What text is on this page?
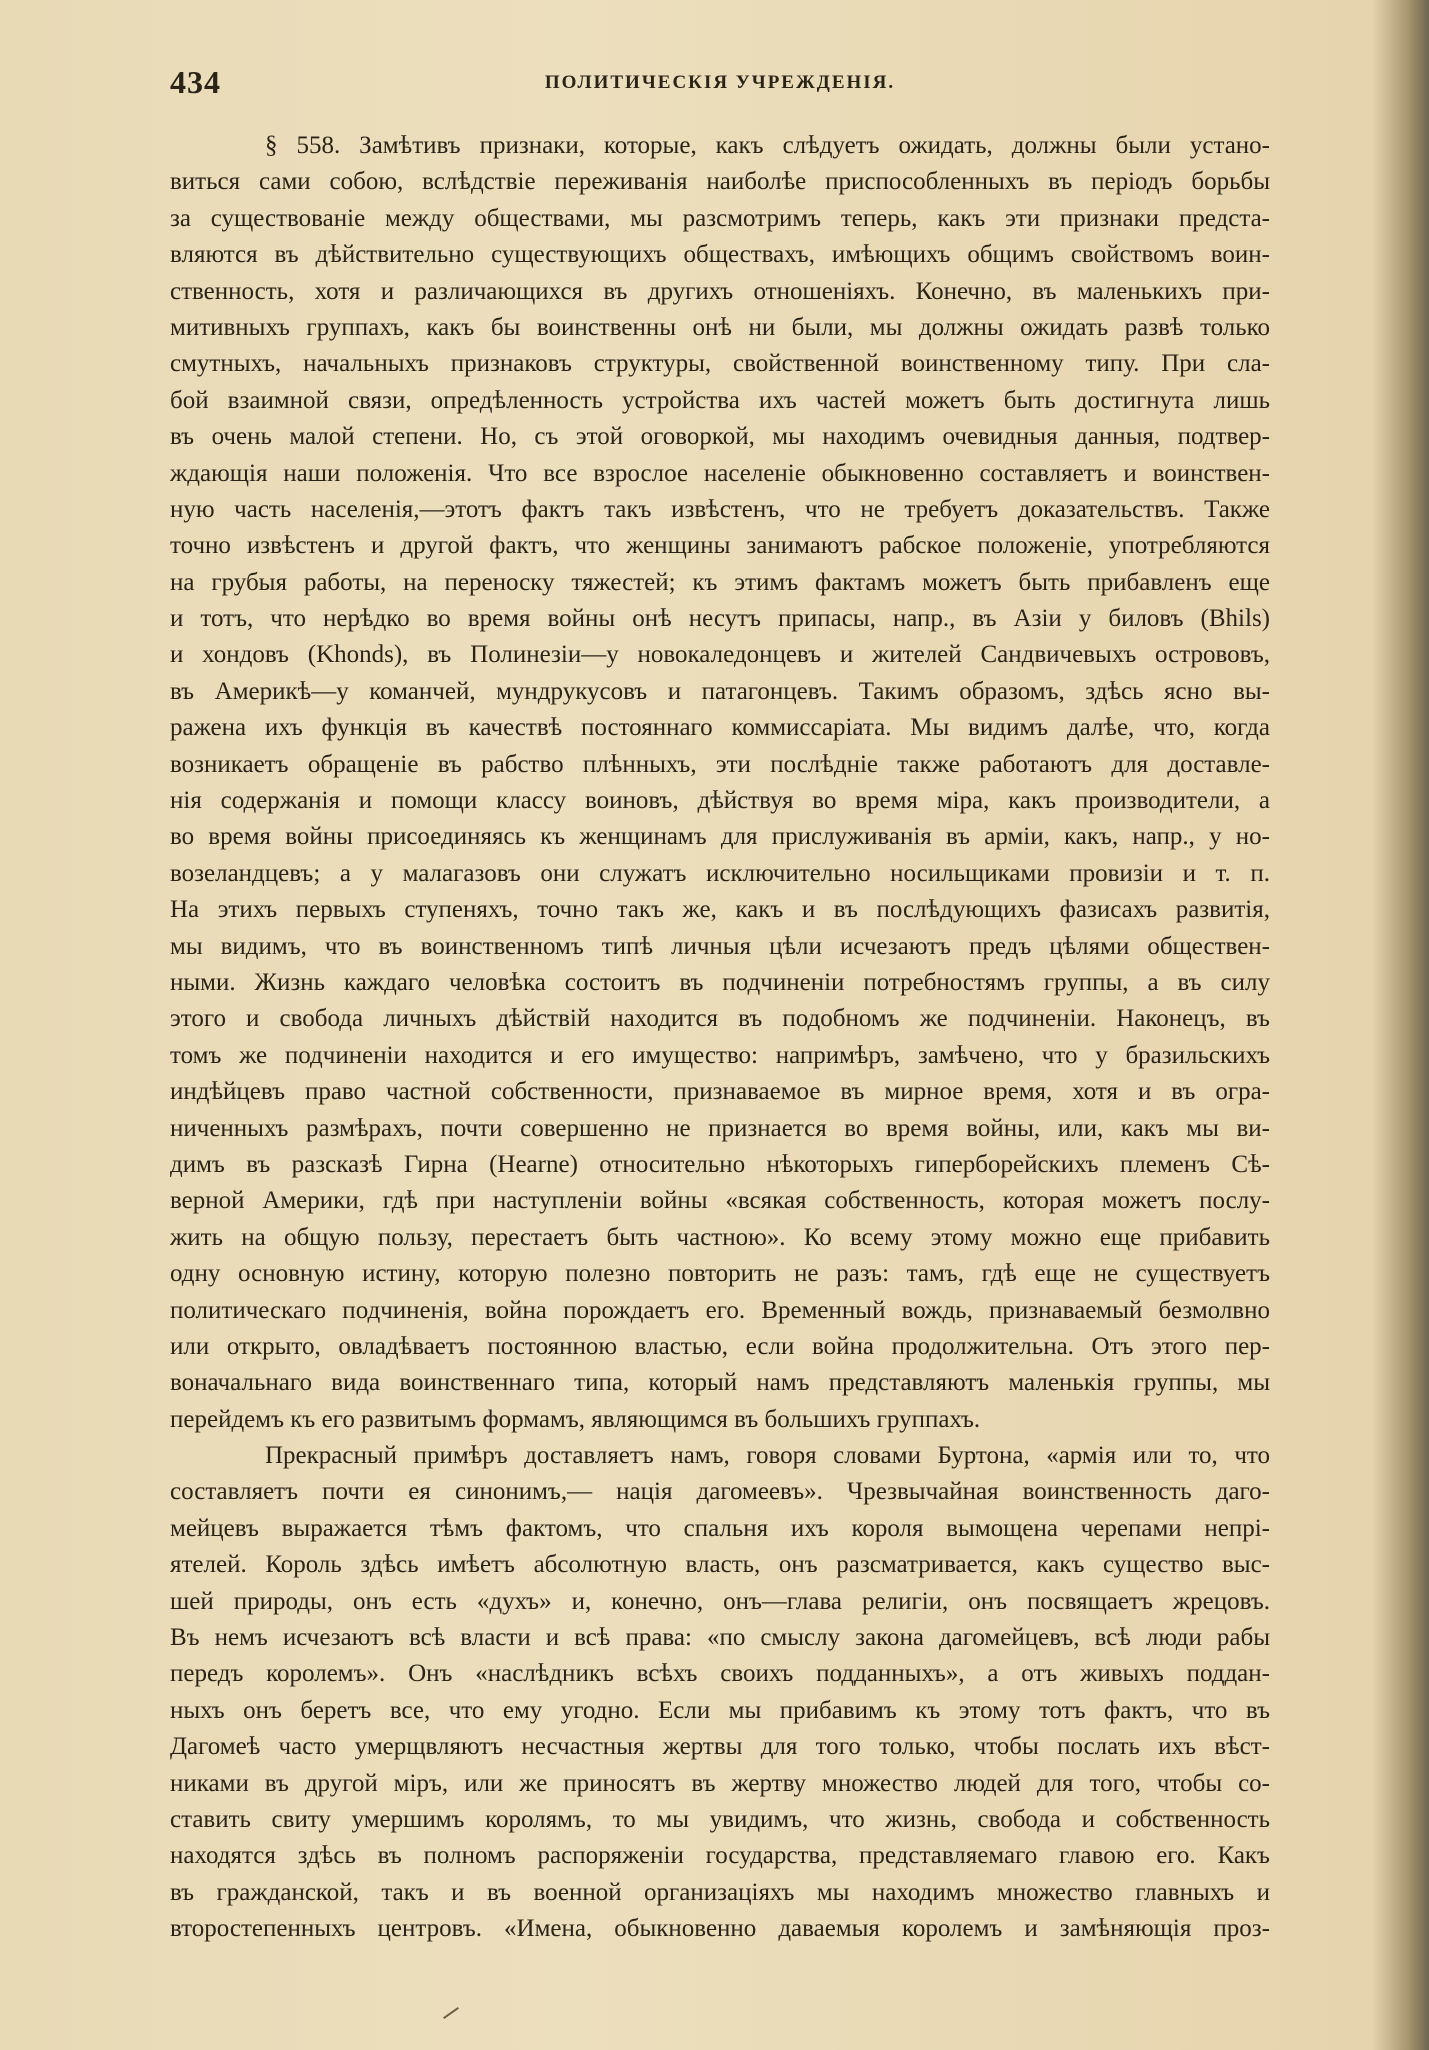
434	ПОЛИТИЧЕСКІЯ УЧРЕЖДЕНІЯ.
§ 558. Замѣтивъ признаки, которые, какъ слѣдуетъ ожидать, должны были устано-
виться сами собою, вслѣдствіе переживанія наиболѣе приспособленныхъ въ періодъ борьбы
за существованіе между обществами, мы разсмотримъ теперь, какъ эти признаки предста-
вляются въ дѣйствительно существующихъ обществахъ, имѣющихъ общимъ свойствомъ воин-
ственность, хотя и различающихся въ другихъ отношеніяхъ. Конечно, въ маленькихъ при-
митивныхъ группахъ, какъ бы воинственны онѣ ни были, мы должны ожидать развѣ только
смутныхъ, начальныхъ признаковъ структуры, свойственной воинственному типу. При сла-
бой взаимной связи, опредѣленность устройства ихъ частей можетъ быть достигнута лишь
въ очень малой степени. Но, съ этой оговоркой, мы находимъ очевидныя данныя, подтвер-
ждающія наши положенія. Что все взрослое населеніе обыкновенно составляетъ и воинствен-
ную часть населенія,—этотъ фактъ такъ извѣстенъ, что не требуетъ доказательствъ. Также
точно извѣстенъ и другой фактъ, что женщины занимаютъ рабское положеніе, употребляются
на грубыя работы, на переноску тяжестей; къ этимъ фактамъ можетъ быть прибавленъ еще
и тотъ, что нерѣдко во время войны онѣ несутъ припасы, напр., въ Азіи у биловъ (Bhils)
и хондовъ (Khonds), въ Полинезіи—у новокаледонцевъ и жителей Сандвичевыхъ острововъ,
въ Америкѣ—у команчей, мундрукусовъ и патагонцевъ. Такимъ образомъ, здѣсь ясно вы-
ражена ихъ функція въ качествѣ постояннаго коммиссаріата. Мы видимъ далѣе, что, когда
возникаетъ обращеніе въ рабство плѣнныхъ, эти послѣдніе также работаютъ для доставле-
нія содержанія и помощи классу воиновъ, дѣйствуя во время міра, какъ производители, а
во время войны присоединяясь къ женщинамъ для прислуживанія въ арміи, какъ, напр., у но-
возеландцевъ; а у малагазовъ они служатъ исключительно носильщиками провизіи и т. п.
На этихъ первыхъ ступеняхъ, точно такъ же, какъ и въ послѣдующихъ фазисахъ развитія,
мы видимъ, что въ воинственномъ типѣ личныя цѣли исчезаютъ предъ цѣлями обществен-
ными. Жизнь каждаго человѣка состоитъ въ подчиненіи потребностямъ группы, а въ силу
этого и свобода личныхъ дѣйствій находится въ подобномъ же подчиненіи. Наконецъ, въ
томъ же подчиненіи находится и его имущество: напримѣръ, замѣчено, что у бразильскихъ
индѣйцевъ право частной собственности, признаваемое въ мирное время, хотя и въ огра-
ниченныхъ размѣрахъ, почти совершенно не признается во время войны, или, какъ мы ви-
димъ въ разсказѣ Гирна (Hearne) относительно нѣкоторыхъ гиперборейскихъ племенъ Сѣ-
верной Америки, гдѣ при наступленіи войны «всякая собственность, которая можетъ послу-
жить на общую пользу, перестаетъ быть частною». Ко всему этому можно еще прибавить
одну основную истину, которую полезно повторить не разъ: тамъ, гдѣ еще не существуетъ
политическаго подчиненія, война порождаетъ его. Временный вождь, признаваемый безмолвно
или открыто, овладѣваетъ постоянною властью, если война продолжительна. Отъ этого пер-
воначальнаго вида воинственнаго типа, который намъ представляютъ маленькія группы, мы
перейдемъ къ его развитымъ формамъ, являющимся въ большихъ группахъ.
Прекрасный примѣръ доставляетъ намъ, говоря словами Буртона, «армія или то, что
составляетъ почти ея синонимъ,— нація дагомеевъ». Чрезвычайная воинственность даго-
мейцевъ выражается тѣмъ фактомъ, что спальня ихъ короля вымощена черепами непрі-
ятелей. Король здѣсь имѣетъ абсолютную власть, онъ разсматривается, какъ существо выс-
шей природы, онъ есть «духъ» и, конечно, онъ—глава религіи, онъ посвящаетъ жрецовъ.
Въ немъ исчезаютъ всѣ власти и всѣ права: «по смыслу закона дагомейцевъ, всѣ люди рабы
передъ королемъ». Онъ «наслѣдникъ всѣхъ своихъ подданныхъ», а отъ живыхъ поддан-
ныхъ онъ беретъ все, что ему угодно. Если мы прибавимъ къ этому тотъ фактъ, что въ
Дагомеѣ часто умерщвляютъ несчастныя жертвы для того только, чтобы послать ихъ вѣст-
никами въ другой міръ, или же приносятъ въ жертву множество людей для того, чтобы со-
ставить свиту умершимъ королямъ, то мы увидимъ, что жизнь, свобода и собственность
находятся здѣсь въ полномъ распоряженіи государства, представляемаго главою его. Какъ
въ гражданской, такъ и въ военной организаціяхъ мы находимъ множество главныхъ и
второстепенныхъ центровъ. «Имена, обыкновенно даваемыя королемъ и замѣняющія проз-
